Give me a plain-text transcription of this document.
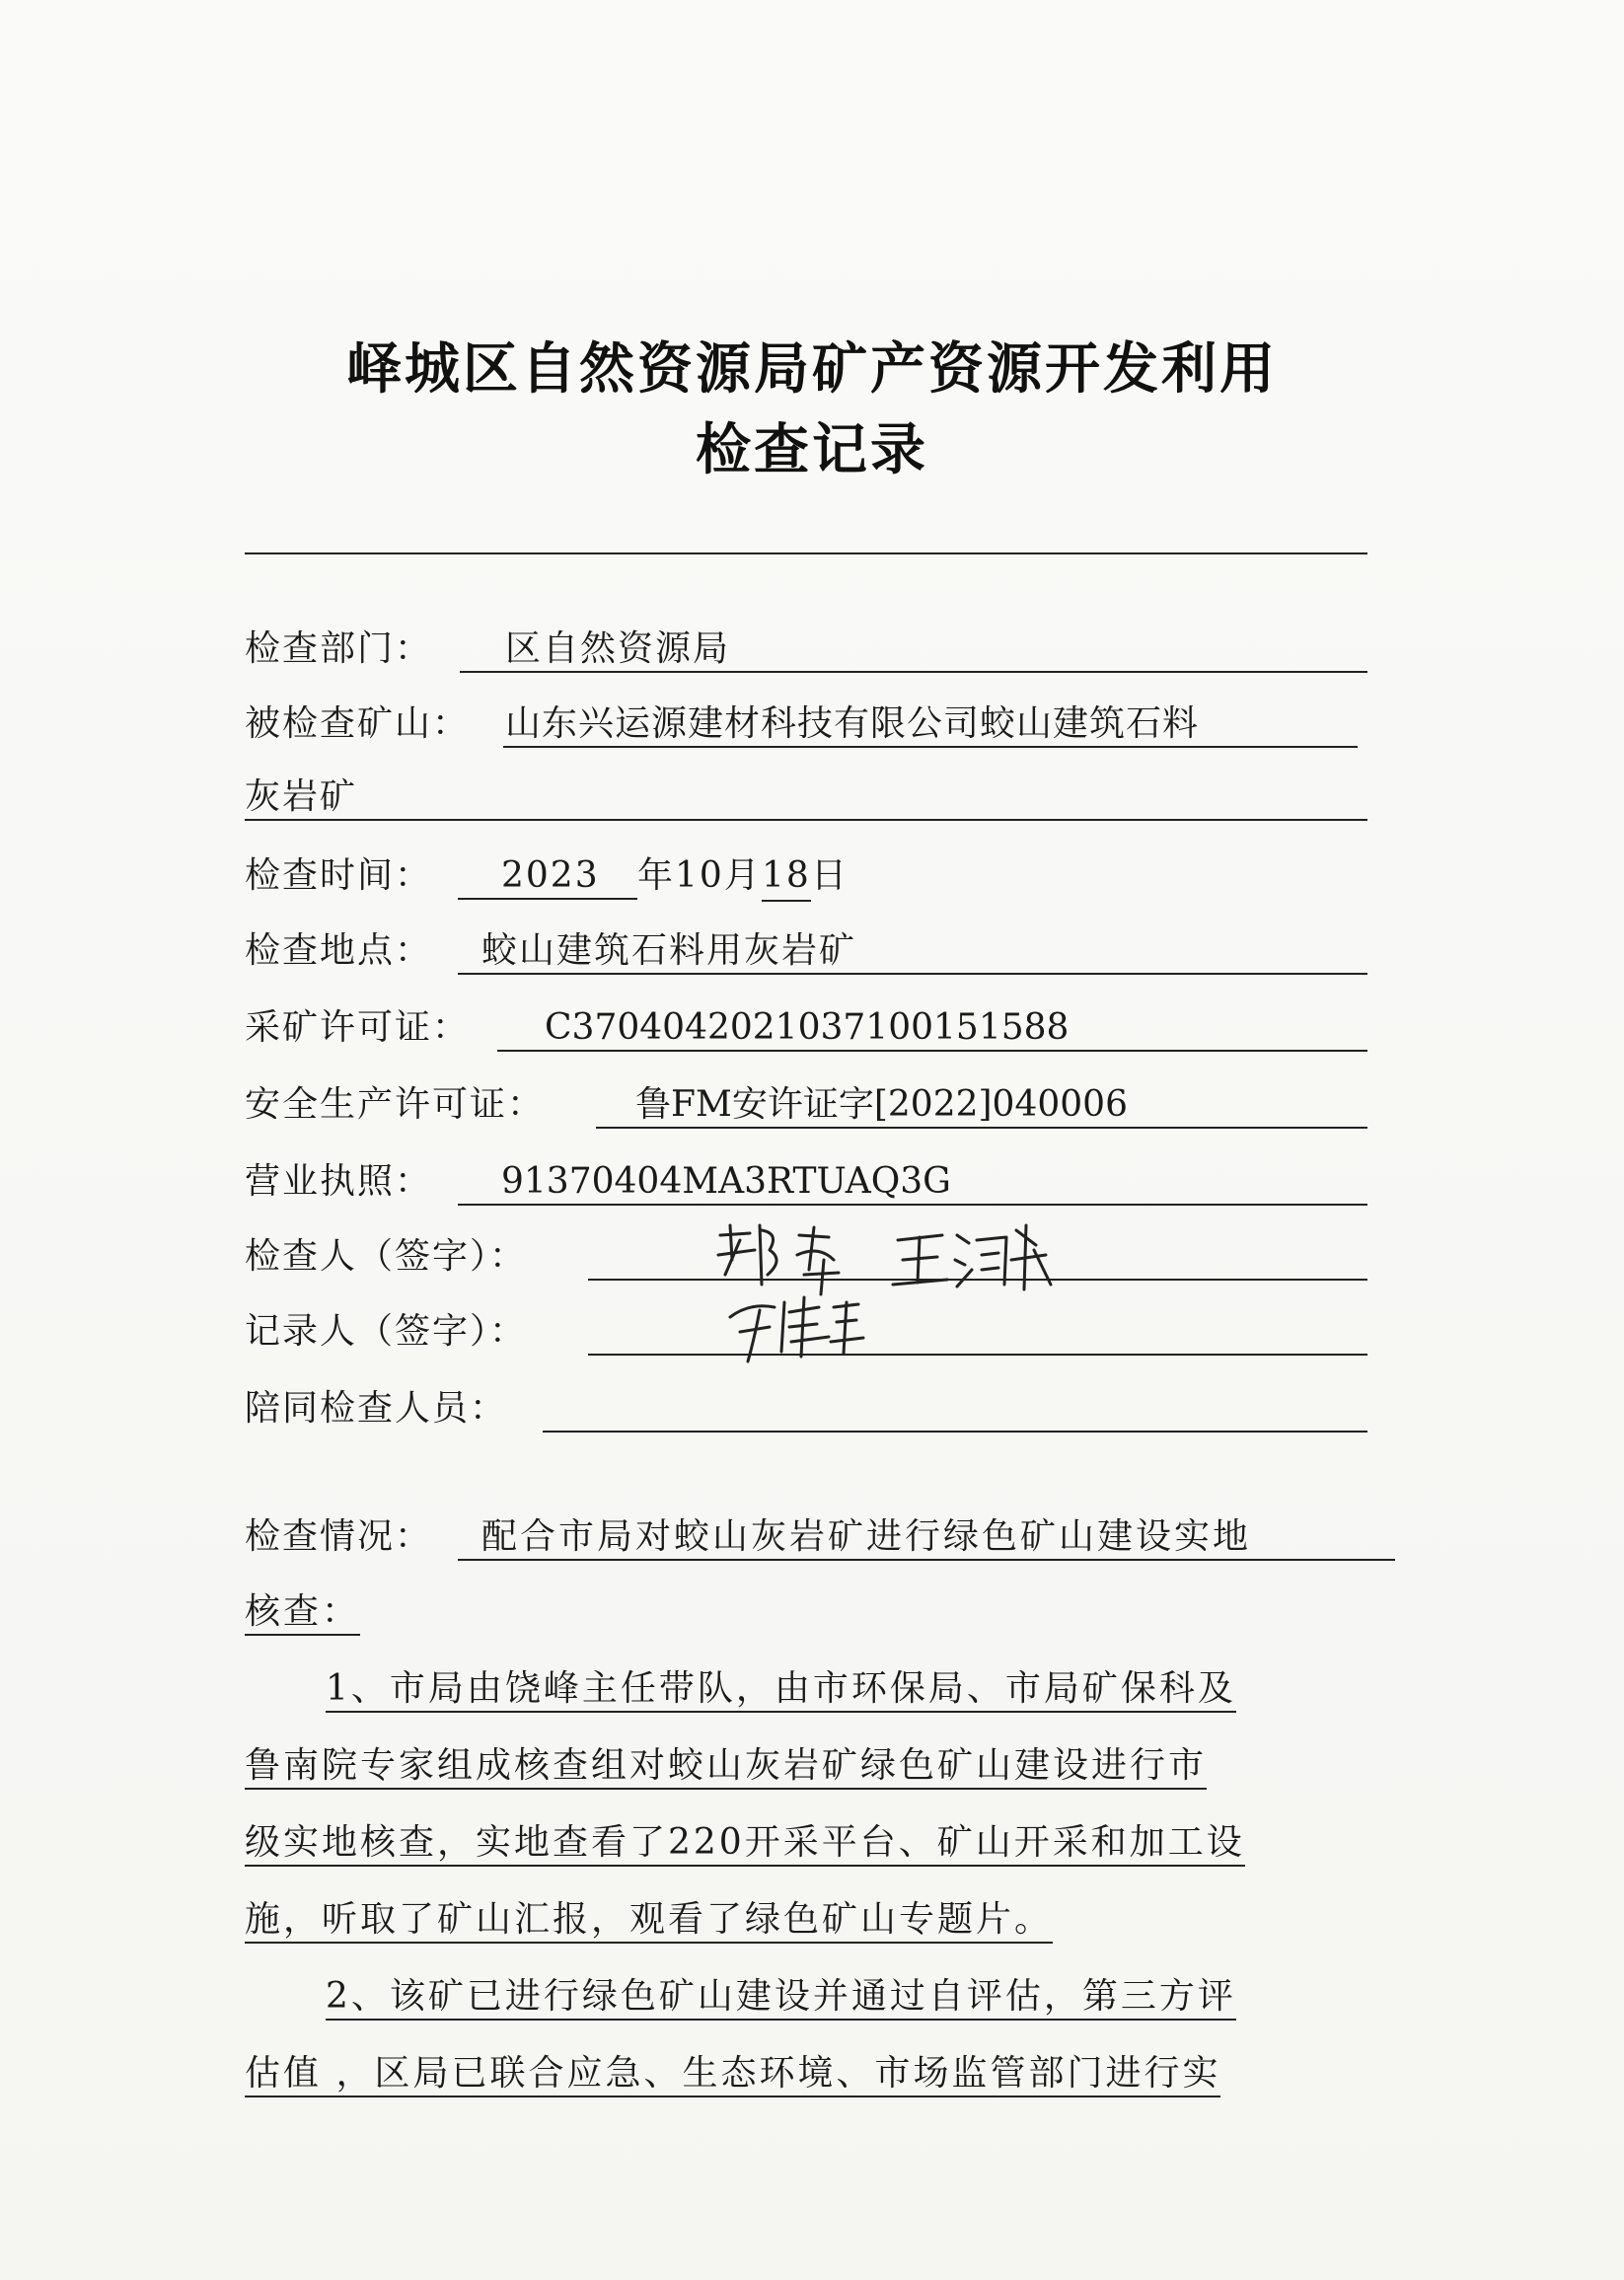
峄城区自然资源局矿产资源开发利用
检查记录
检查部门： 区自然资源局
被检查矿山： 山东兴运源建材科技有限公司蛟山建筑石料
灰岩矿
检查时间： 2023 年10月 18 日
检查地点： 蛟山建筑石料用灰岩矿
采矿许可证： C3704042021037100151588
安全生产许可证：	鲁FM安许证字[2022]040006
营业执照： 91370404MA3RTUAQ3G
检查人（签字）：
记录人（签字）：
陪同检查人员：
检查情况： 配合市局对蛟山灰岩矿进行绿色矿山建设实地
核查：
1、市局由饶峰主任带队，由市环保局、市局矿保科及
鲁南院专家组成核查组对蛟山灰岩矿绿色矿山建设进行市
级实地核查，实地查看了220开采平台、矿山开采和加工设
施，听取了矿山汇报，观看了绿色矿山专题片。
2、该矿已进行绿色矿山建设并通过自评估，第三方评
估值 ，区局已联合应急、生态环境、市场监管部门进行实
